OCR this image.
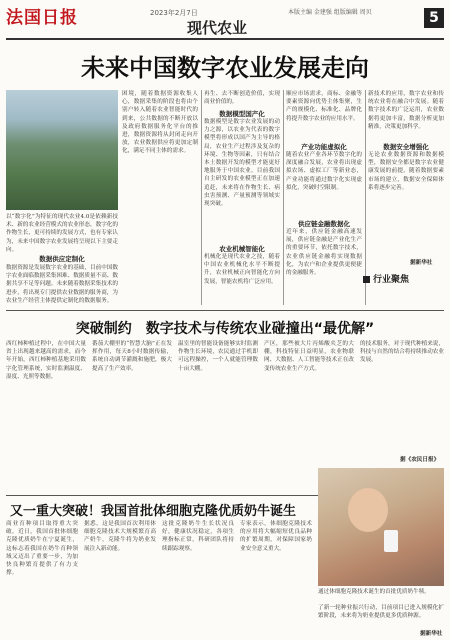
法国日报	2023年2月7日
现代农业
本版主编 金建强 组版编辑 周贝	5
未来中国数字农业发展走向
以“数字化”为特征的现代农业4.0是依赖新技术、新的农业经营模式的农业形态，数字化的作物生长，更可持续的发展方式，也有专家认为，未来中国数字农业发展将呈现以下主要走向。
数据供应定制化
数据资源是发展数字农业的基础，目前中国数字农业面临数据采集困难、数据质量不高、数据共享不足等问题。未来随着数据采集技术的进步，将出现专门提供农业数据的服务商，为农业生产经营主体提供定制化的数据服务。
困境，随着数据资源收集人心，数据采集的阶段也将由个别户转入随着农业智能时代的到来，公共数据的不断开放以及政府数据服务化平台的推进，数据资源将从封闭走向开放，农业数据供应将更加定制化，满足不同主体的需求。
再生、去不断创造价值，实现商业价值的。
数据模型国产化
数据模型是数字农业发展的动力之源，以农业为代表的数字模型将形成以国产为主导的格局，农业生产过程涉及复杂的环境、生物等因素，只有结合本土数据开发的模型才能更好地服务于中国农业。目前我国自主研发的农业模型正在加速追赶，未来将在作物生长、病虫害预测、产量预测等领域实现突破。
农业机械智能化
机械化是现代农业之技，随着中国农业机械化水平不断提升，农业机械正向智能化方向发展，智能农机将广泛应用。
顺应市场需求，商标、金融等要素资源向优势主体集聚，生产的规模化、标准化、品牌化将提升数字农业的应用水平。
产业功能虚拟化
随着农业产业各环节数字化的深度融合发展，农业将出现虚拟农场、虚拟工厂等新业态，产业功能将通过数字化实现虚拟化，突破时空限制。
供应链金融数据化
近年来，供应链金融高速发展，供应链金融是产业化生产的重要环节，依托数字技术，农业供应链金融将实现数据化，为农户和企业提供更便捷的金融服务。
新技术的应用，数字农业和传统农业将在融合中发展。随着数字技术的广泛运用，农业数据将更加丰富，数据分析更加精准，决策更加科学。
数据安全增强化
无论农业数据资源和数据模型，数据安全都是数字农业健康发展的前提，随着数据要素市场的建立，数据安全保障体系将逐步完善。
据新华社
行业聚焦
突破制约　数字技术与传统农业碰撞出“最优解”
西红柿种植过程中，在中国大量省上出现越来越高的需求，而今年开始，西红柿种植基地采用数字化管理系统，实时监测温度、湿度、光照等数据。
番茄大棚里的“智慧大脑”正在发挥作用，每天8小时数据传输，系统自动调节灌溉和施肥，极大提高了生产效率。
温室里的智能设备能够实时监测作物生长环境，农民通过手机即可远程操控，一个人就能管理数十亩大棚。
产区，那些被大片丙烯酸夹芝的大棚，科技特征日益明显，农业物联网、大数据、人工智能等技术正在改变传统农业生产方式。
的技术服务，对于现代种植来说，科技与自然的结合将持续推动农业发展。
据《农民日报》
又一重大突破！我国首批体细胞克隆优质奶牛诞生
商业育种项目取得重大突破。近日，我国首批体细胞克隆优质奶牛在宁夏诞生，这标志着我国在奶牛育种领域又迈出了重要一步，为加快良种繁育提供了有力支撑。
据悉，这是我国首次利用体细胞克隆技术大规模繁育高产奶牛，克隆牛将为奶业发展注入新动能。
这批克隆奶牛生长状况良好，健康状况稳定，各项生理指标正常，科研团队将持续跟踪观察。
专家表示，体细胞克隆技术的应用将大幅缩短优良品种的扩繁周期，对保障国家奶业安全意义重大。
通过体细胞克隆技术诞生的首批优质奶牛犊。
了新一轮种业振兴行动，目前项目已进入规模化扩繁阶段，未来将为奶业提供更多优质种源。
据新华社
